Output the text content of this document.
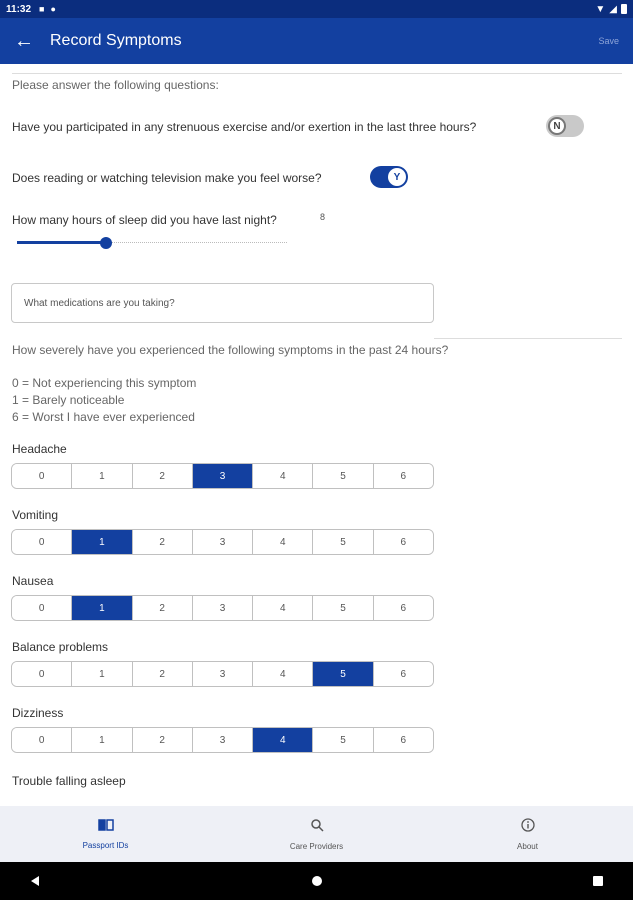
11:32 ■ ●	▼ ◢
← Record Symptoms	Save
Please answer the following questions:
Have you participated in any strenuous exercise and/or exertion in the last three hours?	N
Does reading or watching television make you feel worse?	Y
How many hours of sleep did you have last night?	8
What medications are you taking?
How severely have you experienced the following symptoms in the past 24 hours?
0 = Not experiencing this symptom
1 = Barely noticeable
6 = Worst I have ever experienced
Headache
0	1	2	3	4	5	6
Vomiting
0	1	2	3	4	5	6
Nausea
0	1	2	3	4	5	6
Balance problems
0	1	2	3	4	5	6
Dizziness
0	1	2	3	4	5	6
Trouble falling asleep
Passport IDs	Care Providers	About
